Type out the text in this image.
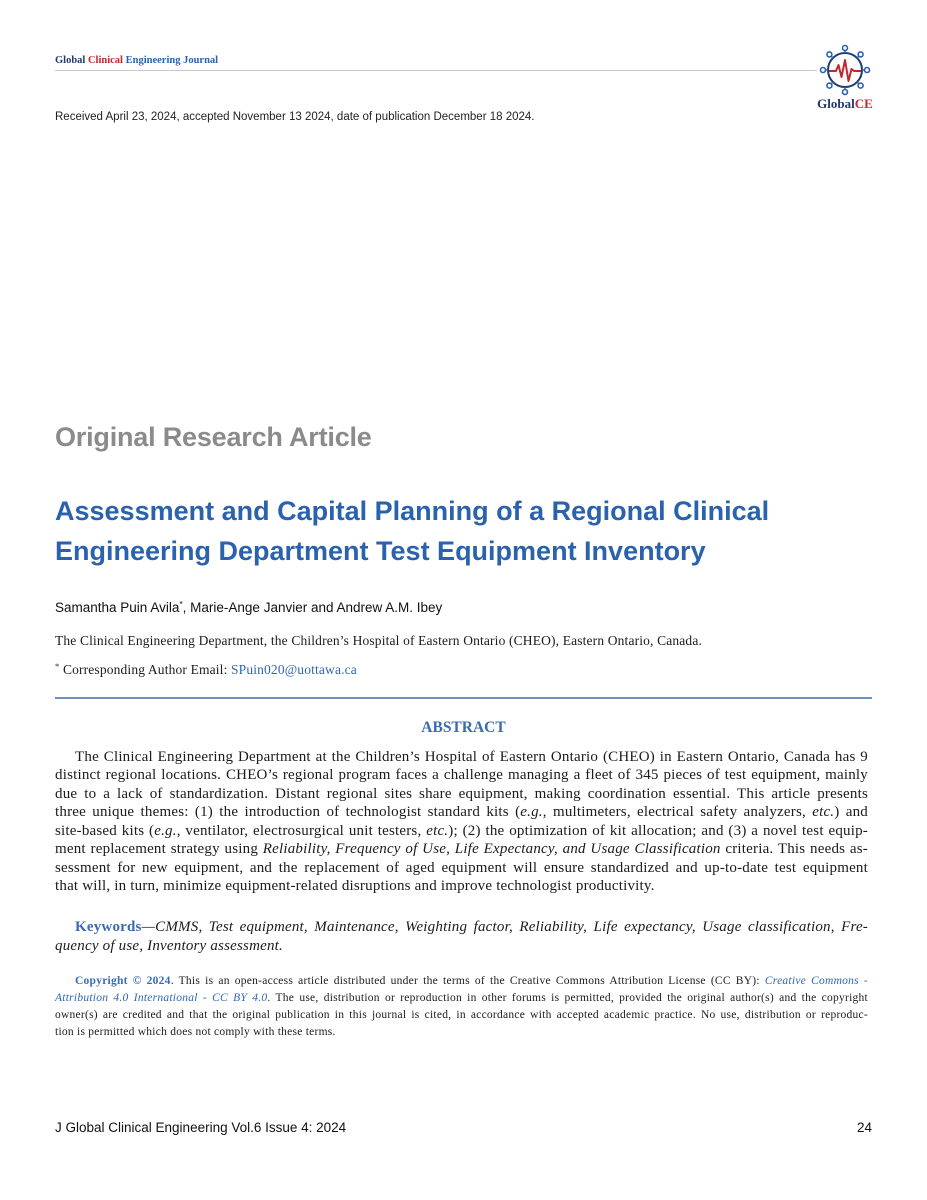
Global Clinical Engineering Journal
GlobalCE
Received April 23, 2024, accepted November 13 2024, date of publication December 18 2024.
Original Research Article
Assessment and Capital Planning of a Regional Clinical
Engineering Department Test Equipment Inventory
Samantha Puin Avila*, Marie-Ange Janvier and Andrew A.M. Ibey
The Clinical Engineering Department, the Children’s Hospital of Eastern Ontario (CHEO), Eastern Ontario, Canada.
* Corresponding Author Email: SPuin020@uottawa.ca
ABSTRACT
The Clinical Engineering Department at the Children’s Hospital of Eastern Ontario (CHEO) in Eastern Ontario, Canada has 9
distinct regional locations. CHEO’s regional program faces a challenge managing a fleet of 345 pieces of test equipment, mainly
due to a lack of standardization. Distant regional sites share equipment, making coordination essential. This article presents
three unique themes: (1) the introduction of technologist standard kits (e.g., multimeters, electrical safety analyzers, etc.) and
site-based kits (e.g., ventilator, electrosurgical unit testers, etc.); (2) the optimization of kit allocation; and (3) a novel test equip-
ment replacement strategy using Reliability, Frequency of Use, Life Expectancy, and Usage Classification criteria. This needs as-
sessment for new equipment, and the replacement of aged equipment will ensure standardized and up-to-date test equipment
that will, in turn, minimize equipment-related disruptions and improve technologist productivity.
Keywords—CMMS, Test equipment, Maintenance, Weighting factor, Reliability, Life expectancy, Usage classification, Fre-
quency of use, Inventory assessment.
Copyright © 2024. This is an open-access article distributed under the terms of the Creative Commons Attribution License (CC BY): Creative Commons -
Attribution 4.0 International - CC BY 4.0. The use, distribution or reproduction in other forums is permitted, provided the original author(s) and the copyright
owner(s) are credited and that the original publication in this journal is cited, in accordance with accepted academic practice. No use, distribution or reproduc-
tion is permitted which does not comply with these terms.
J Global Clinical Engineering Vol.6 Issue 4: 2024	24
